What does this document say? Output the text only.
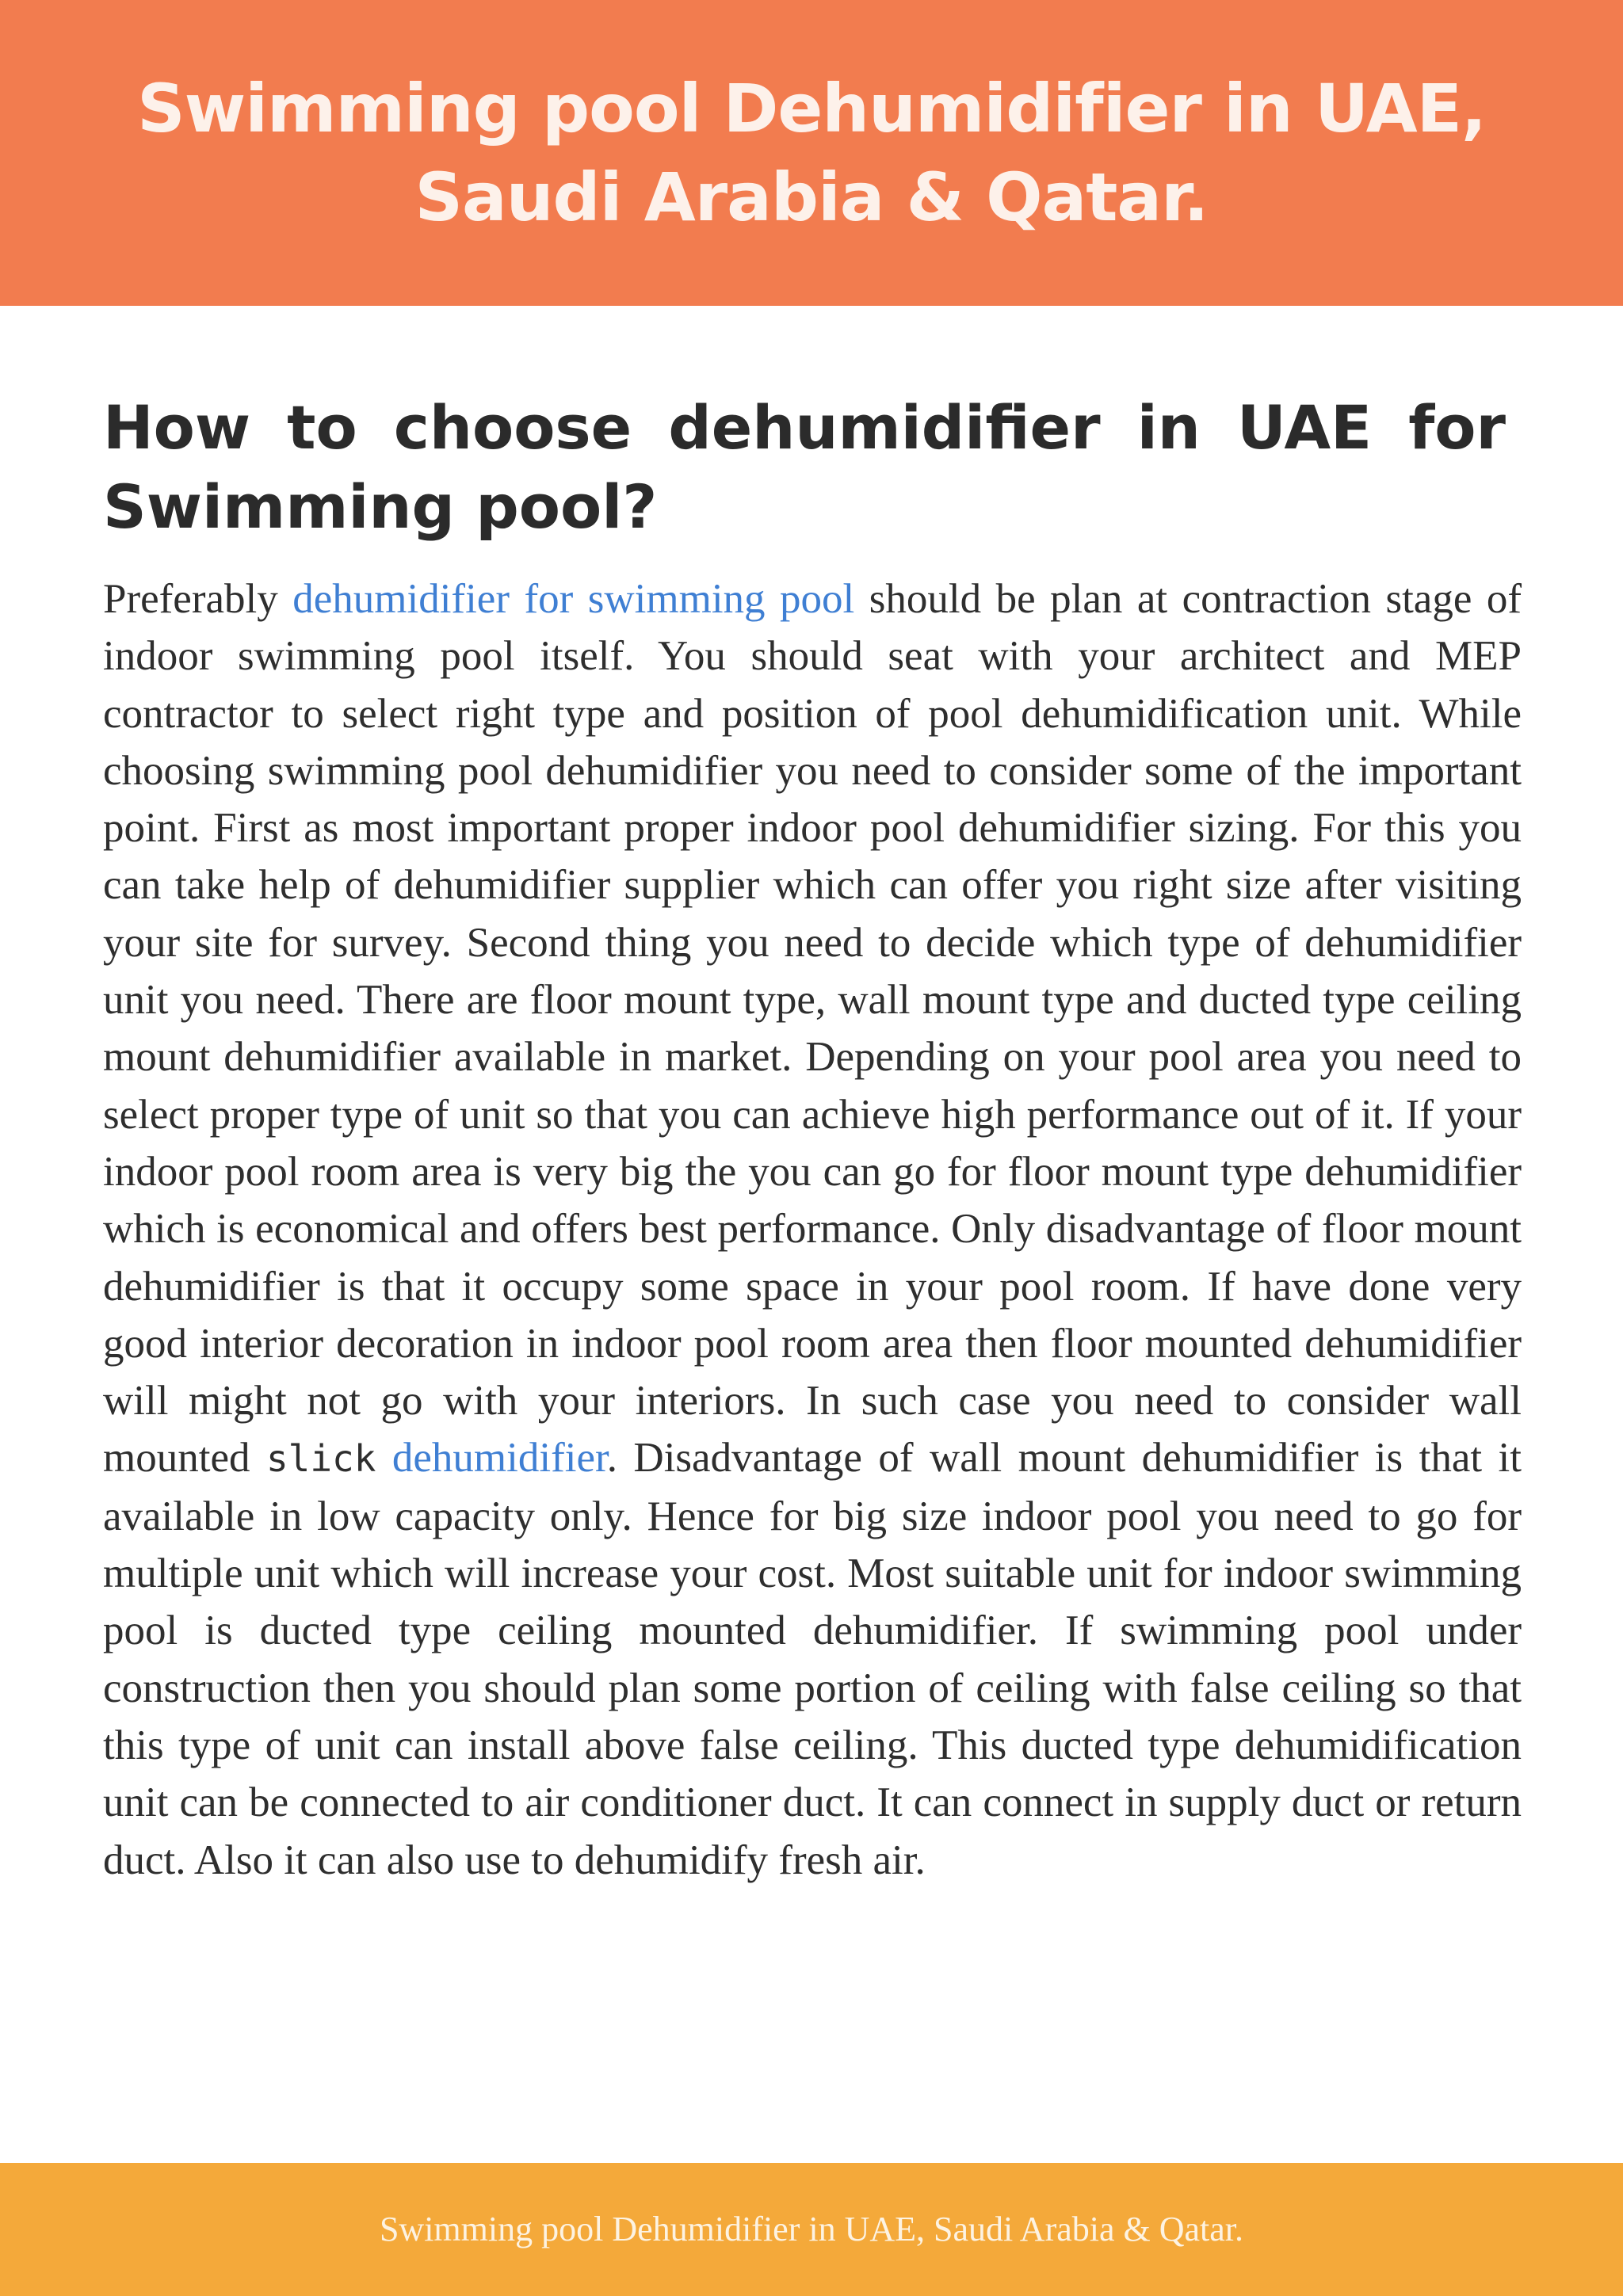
Swimming pool Dehumidifier in UAE, Saudi Arabia & Qatar.
How to choose dehumidifier in UAE for Swimming pool?

Preferably dehumidifier for swimming pool should be plan at contraction stage of indoor swimming pool itself. You should seat with your architect and MEP contractor to select right type and position of pool dehumidification unit. While choosing swimming pool dehumidifier you need to consider some of the important point. First as most important proper indoor pool dehumidifier sizing. For this you can take help of dehumidifier supplier which can offer you right size after visiting your site for survey. Second thing you need to decide which type of dehumidifier unit you need. There are floor mount type, wall mount type and ducted type ceiling mount dehumidifier available in market. Depending on your pool area you need to select proper type of unit so that you can achieve high performance out of it. If your indoor pool room area is very big the you can go for floor mount type dehumidifier which is economical and offers best performance. Only disadvantage of floor mount dehumidifier is that it occupy some space in your pool room. If have done very good interior decoration in indoor pool room area then floor mounted dehumidifier will might not go with your interiors. In such case you need to consider wall mounted slick dehumidifier. Disadvantage of wall mount dehumidifier is that it available in low capacity only. Hence for big size indoor pool you need to go for multiple unit which will increase your cost. Most suitable unit for indoor swimming pool is ducted type ceiling mounted dehumidifier. If swimming pool under construction then you should plan some portion of ceiling with false ceiling so that this type of unit can install above false ceiling. This ducted type dehumidification unit can be connected to air conditioner duct. It can connect in supply duct or return duct. Also it can also use to dehumidify fresh air.

Swimming pool Dehumidifier in UAE, Saudi Arabia & Qatar.
